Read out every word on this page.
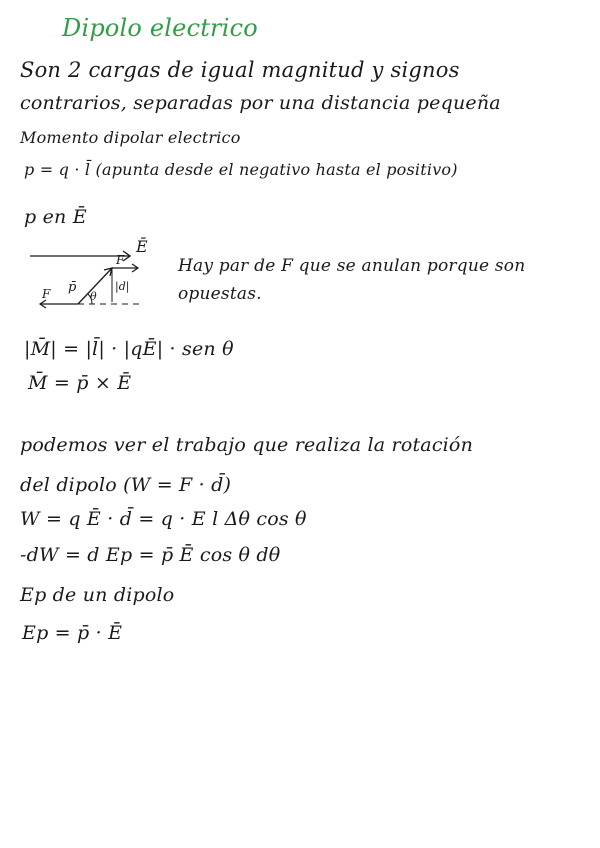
Dipolo electrico
Son 2 cargas de igual magnitud y signos
contrarios, separadas por una distancia pequeña
Momento dipolar electrico
p = q · l̄ (apunta desde el negativo hasta el positivo)
p en Ē
Ē
p̄	|d|
F
F	θ
Hay par de F que se anulan porque son
opuestas.
|M̄| = |l̄| · |qĒ| · sen θ
M̄ = p̄ × Ē
podemos ver el trabajo que realiza la rotación
del dipolo (W = F · d̄)
W = q Ē · d̄ = q · E l Δθ cos θ
-dW = d Ep = p̄ Ē cos θ dθ
Ep de un dipolo
Ep = p̄ · Ē
